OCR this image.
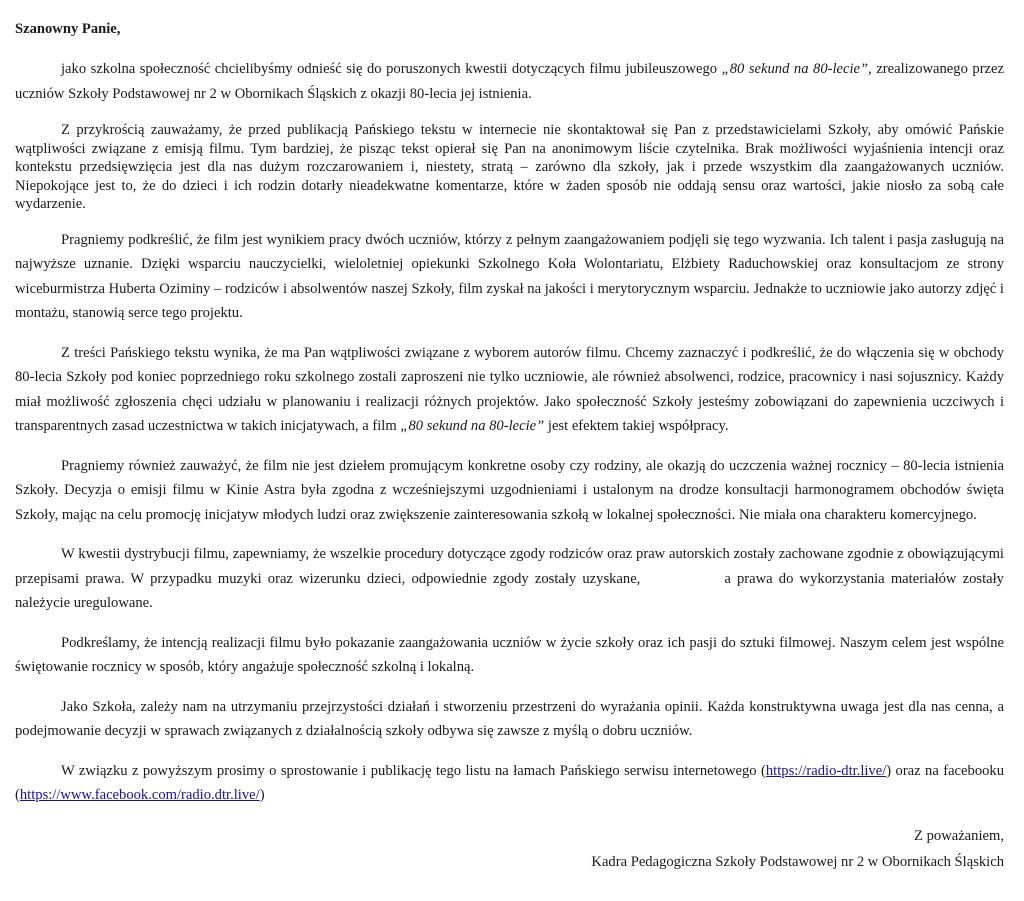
Szanowny Panie,

jako szkolna społeczność chcielibyśmy odnieść się do poruszonych kwestii dotyczących filmu jubileuszowego „80 sekund na 80-lecie”, zrealizowanego przez uczniów Szkoły Podstawowej nr 2 w Obornikach Śląskich z okazji 80-lecia jej istnienia.

Z przykrością zauważamy, że przed publikacją Pańskiego tekstu w internecie nie skontaktował się Pan z przedstawicielami Szkoły, aby omówić Pańskie wątpliwości związane z emisją filmu. Tym bardziej, że pisząc tekst opierał się Pan na anonimowym liście czytelnika. Brak możliwości wyjaśnienia intencji oraz kontekstu przedsięwzięcia jest dla nas dużym rozczarowaniem i, niestety, stratą – zarówno dla szkoły, jak i przede wszystkim dla zaangażowanych uczniów. Niepokojące jest to, że do dzieci i ich rodzin dotarły nieadekwatne komentarze, które w żaden sposób nie oddają sensu oraz wartości, jakie niosło za sobą całe wydarzenie.

Pragniemy podkreślić, że film jest wynikiem pracy dwóch uczniów, którzy z pełnym zaangażowaniem podjęli się tego wyzwania. Ich talent i pasja zasługują na najwyższe uznanie. Dzięki wsparciu nauczycielki, wieloletniej opiekunki Szkolnego Koła Wolontariatu, Elżbiety Raduchowskiej oraz konsultacjom ze strony wiceburmistrza Huberta Oziminy – rodziców i absolwentów naszej Szkoły, film zyskał na jakości i merytorycznym wsparciu. Jednakże to uczniowie jako autorzy zdjęć i montażu, stanowią serce tego projektu.

Z treści Pańskiego tekstu wynika, że ma Pan wątpliwości związane z wyborem autorów filmu. Chcemy zaznaczyć i podkreślić, że do włączenia się w obchody 80-lecia Szkoły pod koniec poprzedniego roku szkolnego zostali zaproszeni nie tylko uczniowie, ale również absolwenci, rodzice, pracownicy i nasi sojusznicy. Każdy miał możliwość zgłoszenia chęci udziału w planowaniu i realizacji różnych projektów. Jako społeczność Szkoły jesteśmy zobowiązani do zapewnienia uczciwych i transparentnych zasad uczestnictwa w takich inicjatywach, a film „80 sekund na 80-lecie” jest efektem takiej współpracy.

Pragniemy również zauważyć, że film nie jest dziełem promującym konkretne osoby czy rodziny, ale okazją do uczczenia ważnej rocznicy – 80-lecia istnienia Szkoły. Decyzja o emisji filmu w Kinie Astra była zgodna z wcześniejszymi uzgodnieniami i ustalonym na drodze konsultacji harmonogramem obchodów święta Szkoły, mając na celu promocję inicjatyw młodych ludzi oraz zwiększenie zainteresowania szkołą w lokalnej społeczności. Nie miała ona charakteru komercyjnego.

W kwestii dystrybucji filmu, zapewniamy, że wszelkie procedury dotyczące zgody rodziców oraz praw autorskich zostały zachowane zgodnie z obowiązującymi przepisami prawa. W przypadku muzyki oraz wizerunku dzieci, odpowiednie zgody zostały uzyskane,	a prawa do wykorzystania materiałów zostały należycie uregulowane.

Podkreślamy, że intencją realizacji filmu było pokazanie zaangażowania uczniów w życie szkoły oraz ich pasji do sztuki filmowej. Naszym celem jest wspólne świętowanie rocznicy w sposób, który angażuje społeczność szkolną i lokalną.

Jako Szkoła, zależy nam na utrzymaniu przejrzystości działań i stworzeniu przestrzeni do wyrażania opinii. Każda konstruktywna uwaga jest dla nas cenna, a podejmowanie decyzji w sprawach związanych z działalnością szkoły odbywa się zawsze z myślą o dobru uczniów.

W związku z powyższym prosimy o sprostowanie i publikację tego listu na łamach Pańskiego serwisu internetowego (https://radio-dtr.live/) oraz na facebooku (https://www.facebook.com/radio.dtr.live/)

Z poważaniem,
Kadra Pedagogiczna Szkoły Podstawowej nr 2 w Obornikach Śląskich
